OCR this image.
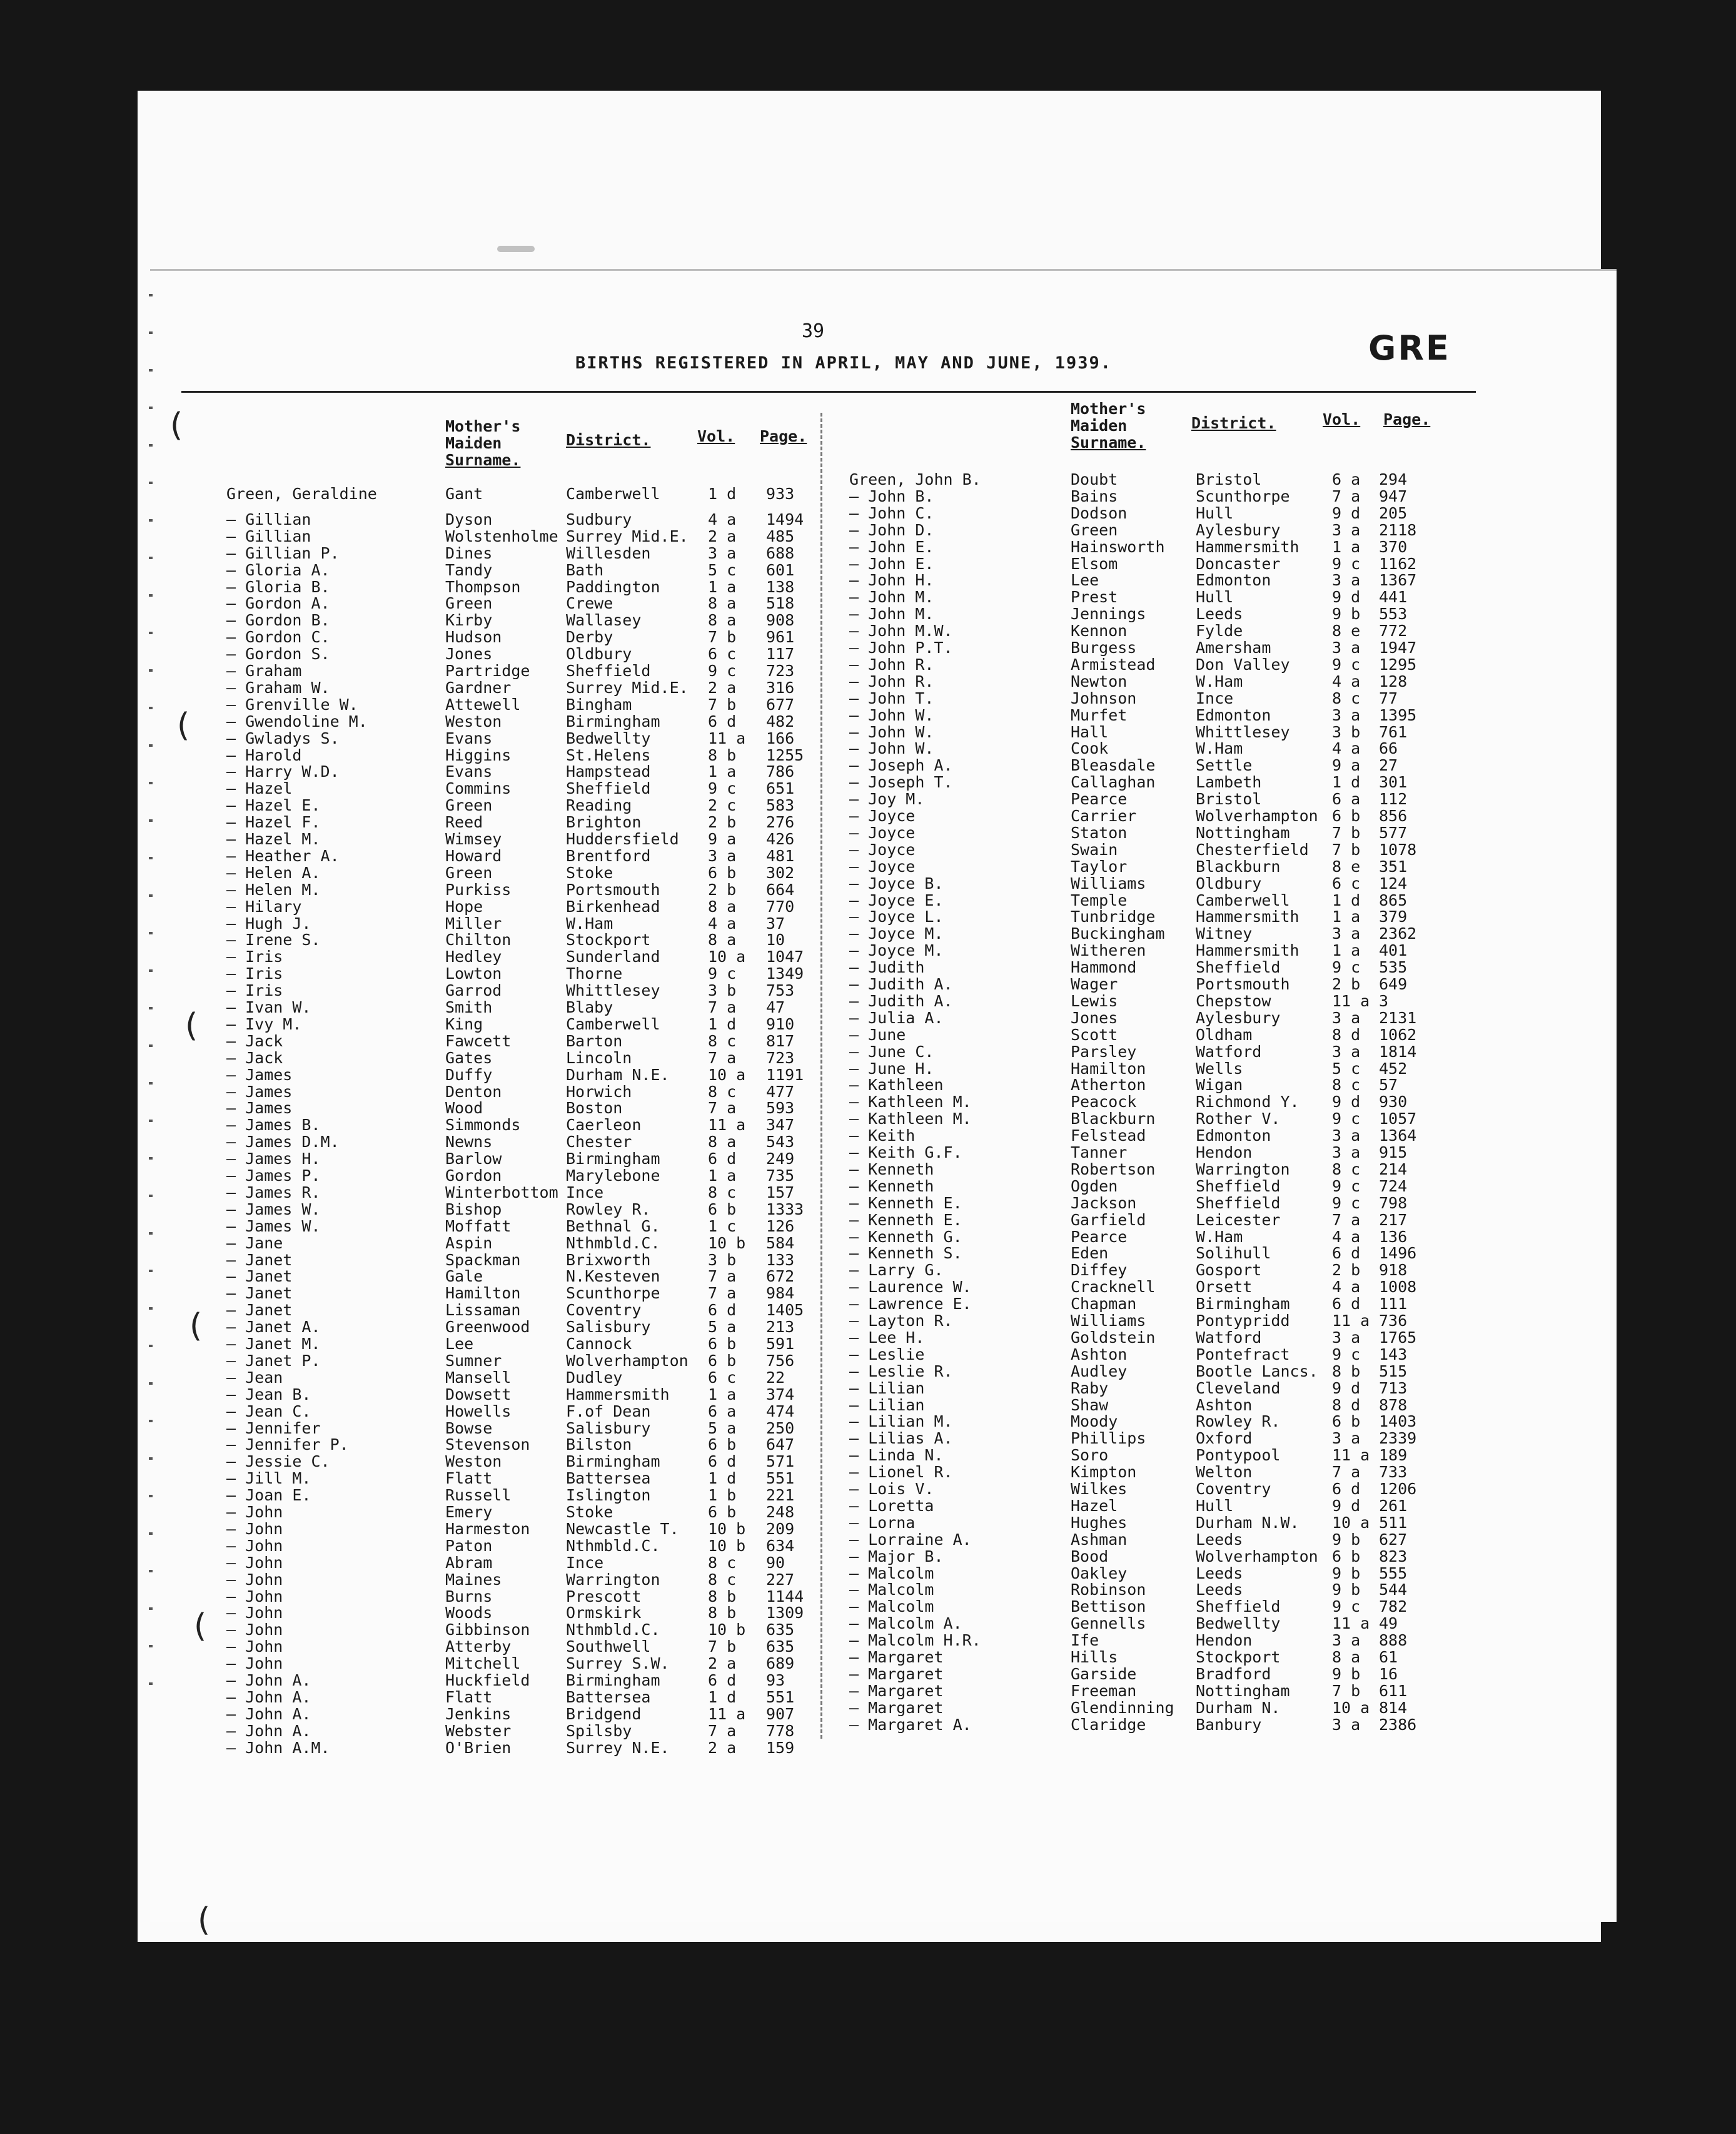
(
(
(
(
(
(
39
BIRTHS REGISTERED IN APRIL, MAY AND JUNE, 1939.	GRE
Mother's
Maiden
Surname.
District.	Vol. Page.
Mother's
Maiden
Surname.
District.	Vol. Page.
Green, Geraldine	Gant	Camberwell	1 d 933
— Gillian	Dyson	Sudbury	4 a 1494
— Gillian	Wolstenholme Surrey Mid.E. 2 a 485
— Gillian P.	Dines	Willesden	3 a 688
— Gloria A.	Tandy	Bath	5 c 601
— Gloria B.	Thompson	Paddington	1 a 138
— Gordon A.	Green	Crewe	8 a 518
— Gordon B.	Kirby	Wallasey	8 a 908
— Gordon C.	Hudson	Derby	7 b 961
— Gordon S.	Jones	Oldbury	6 c 117
— Graham	Partridge Sheffield	9 c 723
— Graham W.	Gardner	Surrey Mid.E. 2 a 316
— Grenville W.	Attewell	Bingham	7 b 677
— Gwendoline M.	Weston	Birmingham	6 d 482
— Gwladys S.	Evans	Bedwellty	11 a 166
— Harold	Higgins	St.Helens	8 b 1255
— Harry W.D.	Evans	Hampstead	1 a 786
— Hazel	Commins	Sheffield	9 c 651
— Hazel E.	Green	Reading	2 c 583
— Hazel F.	Reed	Brighton	2 b 276
— Hazel M.	Wimsey	Huddersfield 9 a 426
— Heather A.	Howard	Brentford	3 a 481
— Helen A.	Green	Stoke	6 b 302
— Helen M.	Purkiss	Portsmouth	2 b 664
— Hilary	Hope	Birkenhead	8 a 770
— Hugh J.	Miller	W.Ham	4 a 37
— Irene S.	Chilton	Stockport	8 a 10
— Iris	Hedley	Sunderland	10 a 1047
— Iris	Lowton	Thorne	9 c 1349
— Iris	Garrod	Whittlesey	3 b 753
— Ivan W.	Smith	Blaby	7 a 47
— Ivy M.	King	Camberwell	1 d 910
— Jack	Fawcett	Barton	8 c 817
— Jack	Gates	Lincoln	7 a 723
— James	Duffy	Durham N.E. 10 a 1191
— James	Denton	Horwich	8 c 477
— James	Wood	Boston	7 a 593
— James B.	Simmonds	Caerleon	11 a 347
— James D.M.	Newns	Chester	8 a 543
— James H.	Barlow	Birmingham	6 d 249
— James P.	Gordon	Marylebone	1 a 735
— James R.	Winterbottom Ince	8 c 157
— James W.	Bishop	Rowley R.	6 b 1333
— James W.	Moffatt	Bethnal G.	1 c 126
— Jane	Aspin	Nthmbld.C.	10 b 584
— Janet	Spackman	Brixworth	3 b 133
— Janet	Gale	N.Kesteven	7 a 672
— Janet	Hamilton	Scunthorpe	7 a 984
— Janet	Lissaman	Coventry	6 d 1405
— Janet A.	Greenwood Salisbury	5 a 213
— Janet M.	Lee	Cannock	6 b 591
— Janet P.	Sumner	Wolverhampton 6 b 756
— Jean	Mansell	Dudley	6 c 22
— Jean B.	Dowsett	Hammersmith 1 a 374
— Jean C.	Howells	F.of Dean	6 a 474
— Jennifer	Bowse	Salisbury	5 a 250
— Jennifer P.	Stevenson Bilston	6 b 647
— Jessie C.	Weston	Birmingham	6 d 571
— Jill M.	Flatt	Battersea	1 d 551
— Joan E.	Russell	Islington	1 b 221
— John	Emery	Stoke	6 b 248
— John	Harmeston Newcastle T. 10 b 209
— John	Paton	Nthmbld.C.	10 b 634
— John	Abram	Ince	8 c 90
— John	Maines	Warrington	8 c 227
— John	Burns	Prescott	8 b 1144
— John	Woods	Ormskirk	8 b 1309
— John	Gibbinson Nthmbld.C.	10 b 635
— John	Atterby	Southwell	7 b 635
— John	Mitchell	Surrey S.W. 2 a 689
— John A.	Huckfield Birmingham	6 d 93
— John A.	Flatt	Battersea	1 d 551
— John A.	Jenkins	Bridgend	11 a 907
— John A.	Webster	Spilsby	7 a 778
— John A.M.	O'Brien	Surrey N.E. 2 a 159
Green, John B.	Doubt	Bristol	6 a 294
— John B.	Bains	Scunthorpe	7 a 947
— John C.	Dodson	Hull	9 d 205
— John D.	Green	Aylesbury	3 a 2118
— John E.	Hainsworth Hammersmith 1 a 370
— John E.	Elsom	Doncaster	9 c 1162
— John H.	Lee	Edmonton	3 a 1367
— John M.	Prest	Hull	9 d 441
— John M.	Jennings	Leeds	9 b 553
— John M.W.	Kennon	Fylde	8 e 772
— John P.T.	Burgess	Amersham	3 a 1947
— John R.	Armistead	Don Valley	9 c 1295
— John R.	Newton	W.Ham	4 a 128
— John T.	Johnson	Ince	8 c 77
— John W.	Murfet	Edmonton	3 a 1395
— John W.	Hall	Whittlesey	3 b 761
— John W.	Cook	W.Ham	4 a 66
— Joseph A.	Bleasdale	Settle	9 a 27
— Joseph T.	Callaghan	Lambeth	1 d 301
— Joy M.	Pearce	Bristol	6 a 112
— Joyce	Carrier	Wolverhampton 6 b 856
— Joyce	Staton	Nottingham	7 b 577
— Joyce	Swain	Chesterfield 7 b 1078
— Joyce	Taylor	Blackburn	8 e 351
— Joyce B.	Williams	Oldbury	6 c 124
— Joyce E.	Temple	Camberwell	1 d 865
— Joyce L.	Tunbridge	Hammersmith 1 a 379
— Joyce M.	Buckingham Witney	3 a 2362
— Joyce M.	Witheren	Hammersmith 1 a 401
— Judith	Hammond	Sheffield	9 c 535
— Judith A.	Wager	Portsmouth	2 b 649
— Judith A.	Lewis	Chepstow	11 a 3
— Julia A.	Jones	Aylesbury	3 a 2131
— June	Scott	Oldham	8 d 1062
— June C.	Parsley	Watford	3 a 1814
— June H.	Hamilton	Wells	5 c 452
— Kathleen	Atherton	Wigan	8 c 57
— Kathleen M.	Peacock	Richmond Y. 9 d 930
— Kathleen M.	Blackburn	Rother V.	9 c 1057
— Keith	Felstead	Edmonton	3 a 1364
— Keith G.F.	Tanner	Hendon	3 a 915
— Kenneth	Robertson	Warrington	8 c 214
— Kenneth	Ogden	Sheffield	9 c 724
— Kenneth E.	Jackson	Sheffield	9 c 798
— Kenneth E.	Garfield	Leicester	7 a 217
— Kenneth G.	Pearce	W.Ham	4 a 136
— Kenneth S.	Eden	Solihull	6 d 1496
— Larry G.	Diffey	Gosport	2 b 918
— Laurence W.	Cracknell	Orsett	4 a 1008
— Lawrence E.	Chapman	Birmingham	6 d 111
— Layton R.	Williams	Pontypridd	11 a 736
— Lee H.	Goldstein	Watford	3 a 1765
— Leslie	Ashton	Pontefract	9 c 143
— Leslie R.	Audley	Bootle Lancs. 8 b 515
— Lilian	Raby	Cleveland	9 d 713
— Lilian	Shaw	Ashton	8 d 878
— Lilian M.	Moody	Rowley R.	6 b 1403
— Lilias A.	Phillips	Oxford	3 a 2339
— Linda N.	Soro	Pontypool	11 a 189
— Lionel R.	Kimpton	Welton	7 a 733
— Lois V.	Wilkes	Coventry	6 d 1206
— Loretta	Hazel	Hull	9 d 261
— Lorna	Hughes	Durham N.W. 10 a 511
— Lorraine A.	Ashman	Leeds	9 b 627
— Major B.	Bood	Wolverhampton 6 b 823
— Malcolm	Oakley	Leeds	9 b 555
— Malcolm	Robinson	Leeds	9 b 544
— Malcolm	Bettison	Sheffield	9 c 782
— Malcolm A.	Gennells	Bedwellty	11 a 49
— Malcolm H.R.	Ife	Hendon	3 a 888
— Margaret	Hills	Stockport	8 a 61
— Margaret	Garside	Bradford	9 b 16
— Margaret	Freeman	Nottingham	7 b 611
— Margaret	Glendinning Durham N.	10 a 814
— Margaret A.	Claridge	Banbury	3 a 2386
